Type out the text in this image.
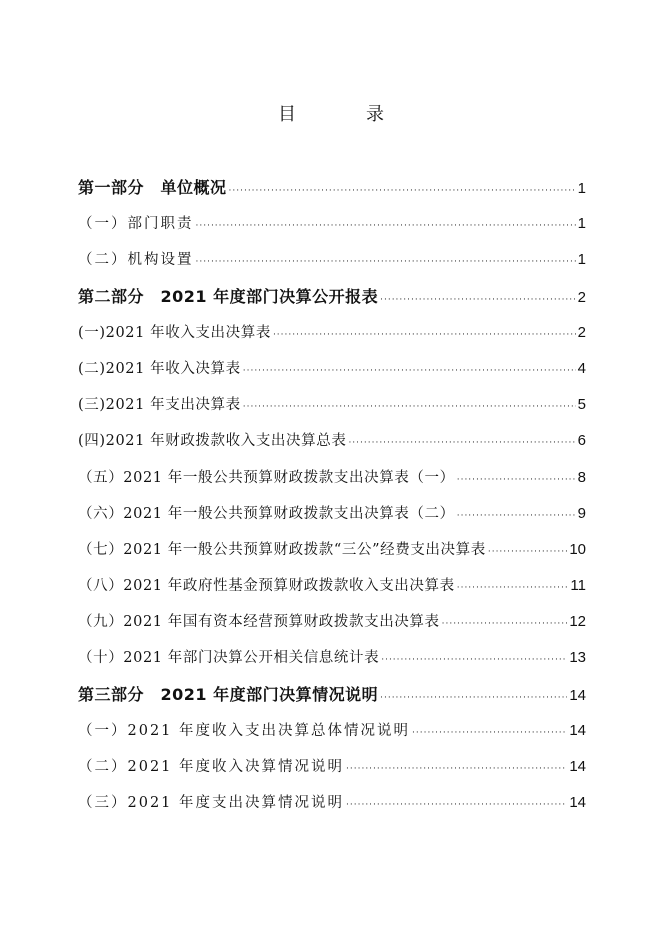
目　录
第一部分　单位概况 ·····	1
（一）部门职责 ·····	1
（二）机构设置 ·····	1
第二部分　2021 年度部门决算公开报表 ·····	2
(一)2021 年收入支出决算表 ·····	2
(二)2021 年收入决算表 ·····	4
(三)2021 年支出决算表 ·····	5
(四)2021 年财政拨款收入支出决算总表 ·····	6
（五）2021 年一般公共预算财政拨款支出决算表（一） ·····	8
（六）2021 年一般公共预算财政拨款支出决算表（二） ·····	9
（七）2021 年一般公共预算财政拨款“三公”经费支出决算表 ·····	10
（八）2021 年政府性基金预算财政拨款收入支出决算表 ·····	11
（九）2021 年国有资本经营预算财政拨款支出决算表 ·····	12
（十）2021 年部门决算公开相关信息统计表 ·····	13
第三部分　2021 年度部门决算情况说明 ·····	14
（一）2021 年度收入支出决算总体情况说明 ·····	14
（二）2021 年度收入决算情况说明 ·····	14
（三）2021 年度支出决算情况说明 ·····	14
